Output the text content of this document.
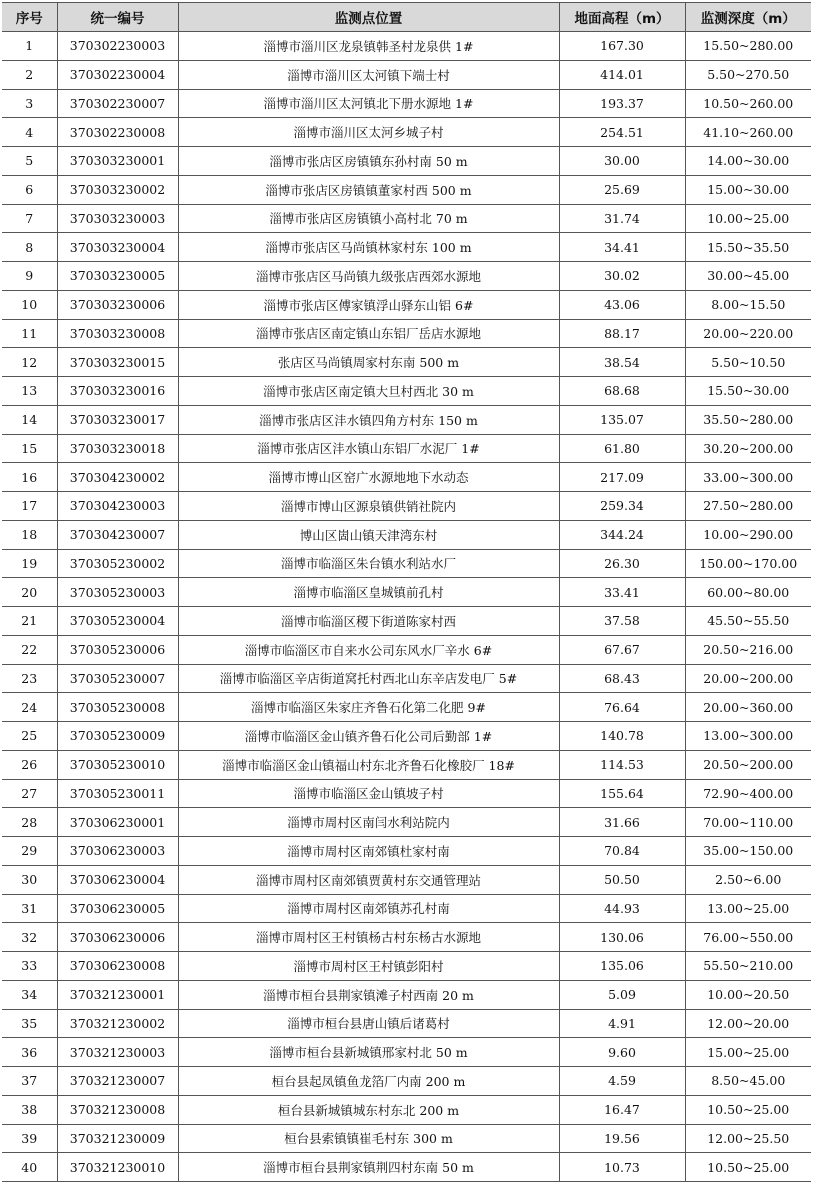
序号	统一编号	监测点位置	地面高程（m）	监测深度（m）
1	370302230003	淄博市淄川区龙泉镇韩圣村龙泉供 1#	167.30	15.50~280.00
2	370302230004	淄博市淄川区太河镇下端士村	414.01	5.50~270.50
3	370302230007	淄博市淄川区太河镇北下册水源地 1#	193.37	10.50~260.00
4	370302230008	淄博市淄川区太河乡城子村	254.51	41.10~260.00
5	370303230001	淄博市张店区房镇镇东孙村南 50 m	30.00	14.00~30.00
6	370303230002	淄博市张店区房镇镇董家村西 500 m	25.69	15.00~30.00
7	370303230003	淄博市张店区房镇镇小高村北 70 m	31.74	10.00~25.00
8	370303230004	淄博市张店区马尚镇林家村东 100 m	34.41	15.50~35.50
9	370303230005	淄博市张店区马尚镇九级张店西郊水源地	30.02	30.00~45.00
10	370303230006	淄博市张店区傅家镇浮山驿东山铝 6#	43.06	8.00~15.50
11	370303230008	淄博市张店区南定镇山东铝厂岳店水源地	88.17	20.00~220.00
12	370303230015	张店区马尚镇周家村东南 500 m	38.54	5.50~10.50
13	370303230016	淄博市张店区南定镇大旦村西北 30 m	68.68	15.50~30.00
14	370303230017	淄博市张店区沣水镇四角方村东 150 m	135.07	35.50~280.00
15	370303230018	淄博市张店区沣水镇山东铝厂水泥厂 1#	61.80	30.20~200.00
16	370304230002	淄博市博山区窑广水源地地下水动态	217.09	33.00~300.00
17	370304230003	淄博市博山区源泉镇供销社院内	259.34	27.50~280.00
18	370304230007	博山区崮山镇天津湾东村	344.24	10.00~290.00
19	370305230002	淄博市临淄区朱台镇水利站水厂	26.30	150.00~170.00
20	370305230003	淄博市临淄区皇城镇前孔村	33.41	60.00~80.00
21	370305230004	淄博市临淄区稷下街道陈家村西	37.58	45.50~55.50
22	370305230006	淄博市临淄区市自来水公司东风水厂辛水 6#	67.67	20.50~216.00
23	370305230007	淄博市临淄区辛店街道窝托村西北山东辛店发电厂 5#	68.43	20.00~200.00
24	370305230008	淄博市临淄区朱家庄齐鲁石化第二化肥 9#	76.64	20.00~360.00
25	370305230009	淄博市临淄区金山镇齐鲁石化公司后勤部 1#	140.78	13.00~300.00
26	370305230010	淄博市临淄区金山镇福山村东北齐鲁石化橡胶厂 18#	114.53	20.50~200.00
27	370305230011	淄博市临淄区金山镇坡子村	155.64	72.90~400.00
28	370306230001	淄博市周村区南闫水利站院内	31.66	70.00~110.00
29	370306230003	淄博市周村区南郊镇杜家村南	70.84	35.00~150.00
30	370306230004	淄博市周村区南郊镇贾黄村东交通管理站	50.50	2.50~6.00
31	370306230005	淄博市周村区南郊镇苏孔村南	44.93	13.00~25.00
32	370306230006	淄博市周村区王村镇杨古村东杨古水源地	130.06	76.00~550.00
33	370306230008	淄博市周村区王村镇彭阳村	135.06	55.50~210.00
34	370321230001	淄博市桓台县荆家镇滩子村西南 20 m	5.09	10.00~20.50
35	370321230002	淄博市桓台县唐山镇后诸葛村	4.91	12.00~20.00
36	370321230003	淄博市桓台县新城镇邢家村北 50 m	9.60	15.00~25.00
37	370321230007	桓台县起凤镇鱼龙箔厂内南 200 m	4.59	8.50~45.00
38	370321230008	桓台县新城镇城东村东北 200 m	16.47	10.50~25.00
39	370321230009	桓台县索镇镇崔毛村东 300 m	19.56	12.00~25.50
40	370321230010	淄博市桓台县荆家镇荆四村东南 50 m	10.73	10.50~25.00
